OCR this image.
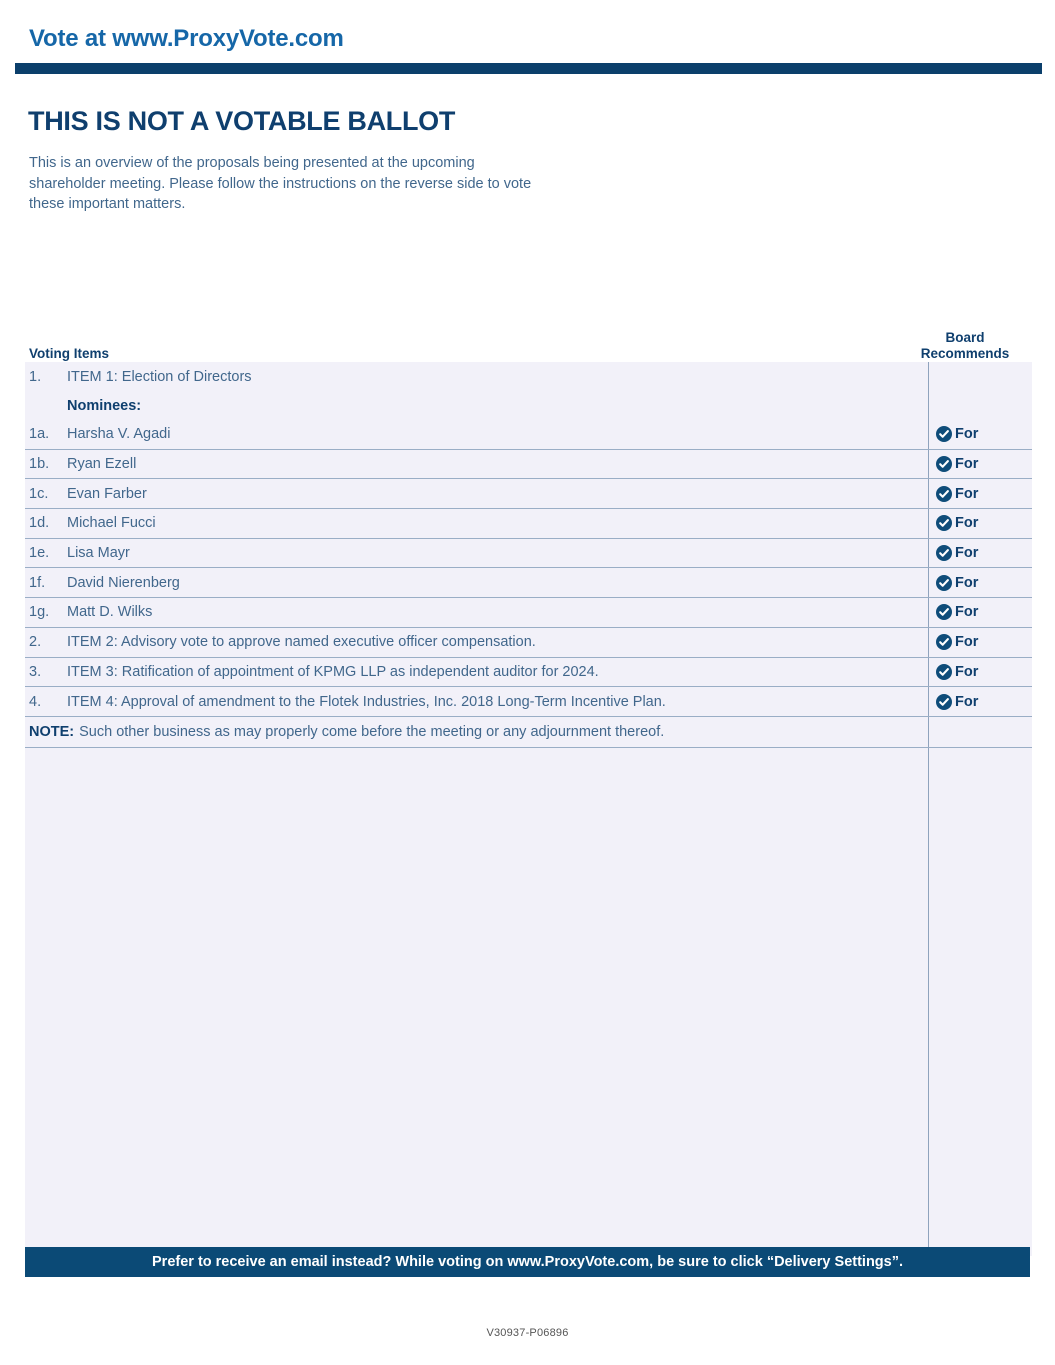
Vote at www.ProxyVote.com
THIS IS NOT A VOTABLE BALLOT
This is an overview of the proposals being presented at the upcoming shareholder meeting. Please follow the instructions on the reverse side to vote these important matters.
Voting Items
Board
Recommends
1.	ITEM 1: Election of Directors
Nominees:
1a.	Harsha V. Agadi	For
1b.	Ryan Ezell	For
1c.	Evan Farber	For
1d.	Michael Fucci	For
1e.	Lisa Mayr	For
1f.	David Nierenberg	For
1g.	Matt D. Wilks	For
2.	ITEM 2: Advisory vote to approve named executive officer compensation.	For
3.	ITEM 3: Ratification of appointment of KPMG LLP as independent auditor for 2024.	For
4.	ITEM 4: Approval of amendment to the Flotek Industries, Inc. 2018 Long-Term Incentive Plan.	For
NOTE: Such other business as may properly come before the meeting or any adjournment thereof.
Prefer to receive an email instead? While voting on www.ProxyVote.com, be sure to click “Delivery Settings”.
V30937-P06896
